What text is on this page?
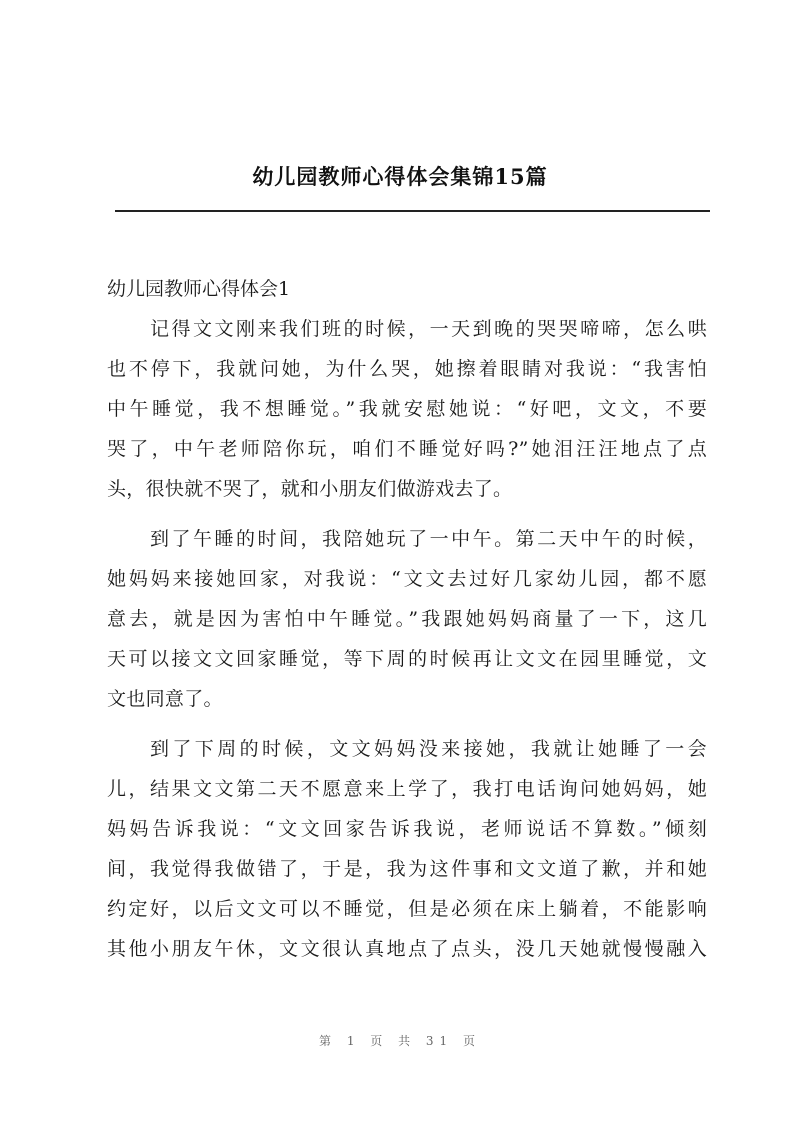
幼儿园教师心得体会集锦15篇
幼儿园教师心得体会1
记得文文刚来我们班的时候，一天到晚的哭哭啼啼，怎么哄
也不停下，我就问她，为什么哭，她擦着眼睛对我说：“我害怕
中午睡觉，我不想睡觉。”我就安慰她说：“好吧，文文，不要
哭了，中午老师陪你玩，咱们不睡觉好吗?”她泪汪汪地点了点
头，很快就不哭了，就和小朋友们做游戏去了。
到了午睡的时间，我陪她玩了一中午。第二天中午的时候，
她妈妈来接她回家，对我说：“文文去过好几家幼儿园，都不愿
意去，就是因为害怕中午睡觉。”我跟她妈妈商量了一下，这几
天可以接文文回家睡觉，等下周的时候再让文文在园里睡觉，文
文也同意了。
到了下周的时候，文文妈妈没来接她，我就让她睡了一会
儿，结果文文第二天不愿意来上学了，我打电话询问她妈妈，她
妈妈告诉我说：“文文回家告诉我说，老师说话不算数。”倾刻
间，我觉得我做错了，于是，我为这件事和文文道了歉，并和她
约定好，以后文文可以不睡觉，但是必须在床上躺着，不能影响
其他小朋友午休，文文很认真地点了点头，没几天她就慢慢融入
第 1 页 共 31 页
